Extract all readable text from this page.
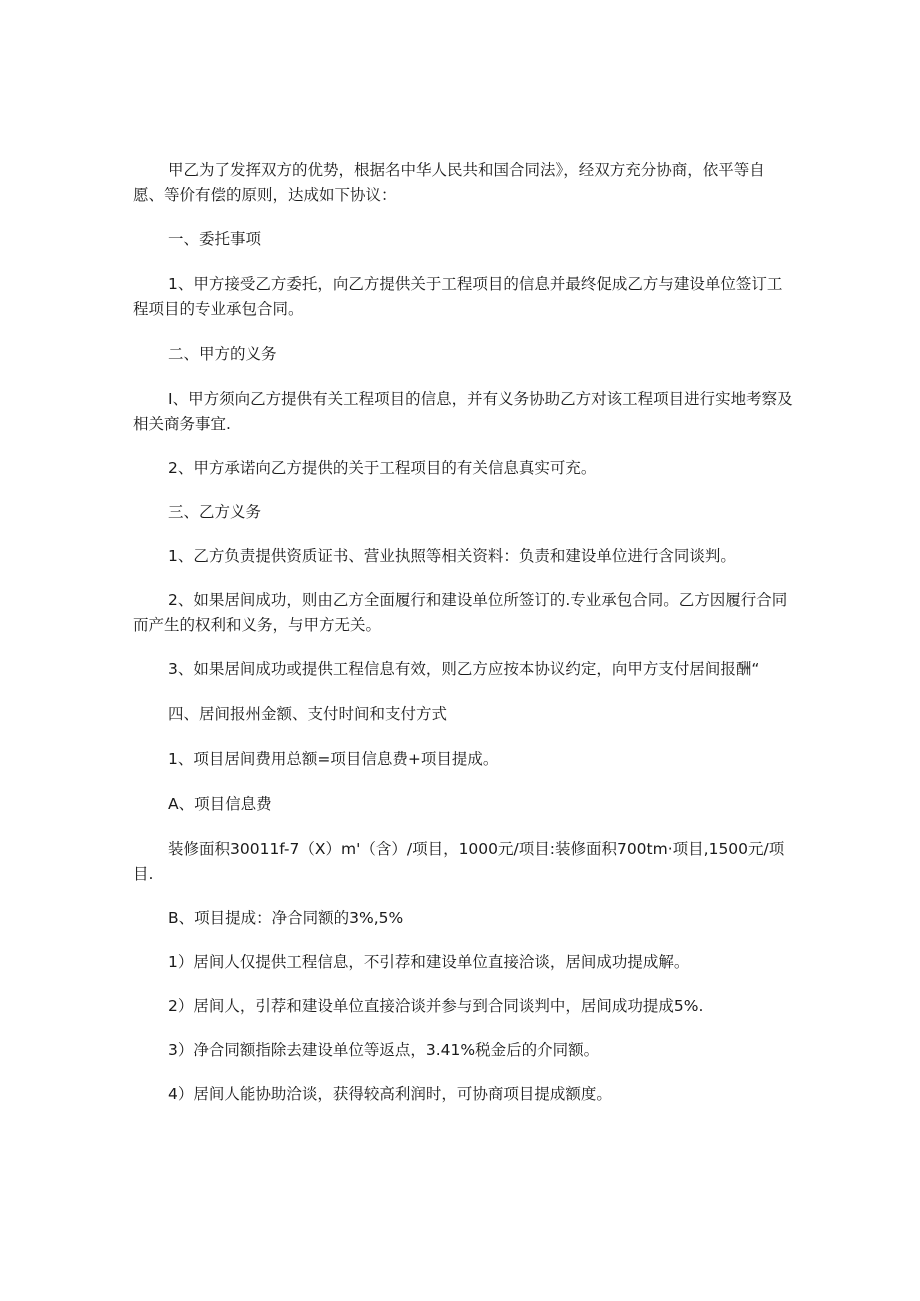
甲乙为了发挥双方的优势，根据名中华人民共和国合同法》，经双方充分协商，依平等自愿、等价有偿的原则，达成如下协议：

一、委托事项

1、甲方接受乙方委托，向乙方提供关于工程项目的信息并最终促成乙方与建设单位签订工程项目的专业承包合同。

二、甲方的义务

I、甲方须向乙方提供有关工程项目的信息，并有义务协助乙方对该工程项目进行实地考察及相关商务事宜.

2、甲方承诺向乙方提供的关于工程项目的有关信息真实可充。

三、乙方义务

1、乙方负责提供资质证书、营业执照等相关资料：负责和建设单位进行含同谈判。

2、如果居间成功，则由乙方全面履行和建设单位所签订的.专业承包合同。乙方因履行合同而产生的权利和义务，与甲方无关。

3、如果居间成功或提供工程信息有效，则乙方应按本协议约定，向甲方支付居间报酬“

四、居间报州金额、支付时间和支付方式

1、项目居间费用总额=项目信息费+项目提成。

A、项目信息费

装修面积30011f-7（X）m'（含）/项目，1000元/项目:装修面积700tm·项目,1500元/项目.

B、项目提成：净合同额的3%,5%

1）居间人仅提供工程信息，不引荐和建设单位直接洽谈，居间成功提成解。

2）居间人，引荐和建设单位直接洽谈并参与到合同谈判中，居间成功提成5%.

3）净合同额指除去建设单位等返点，3.41%税金后的介同额。

4）居间人能协助洽谈，获得较高利润时，可协商项目提成额度。
